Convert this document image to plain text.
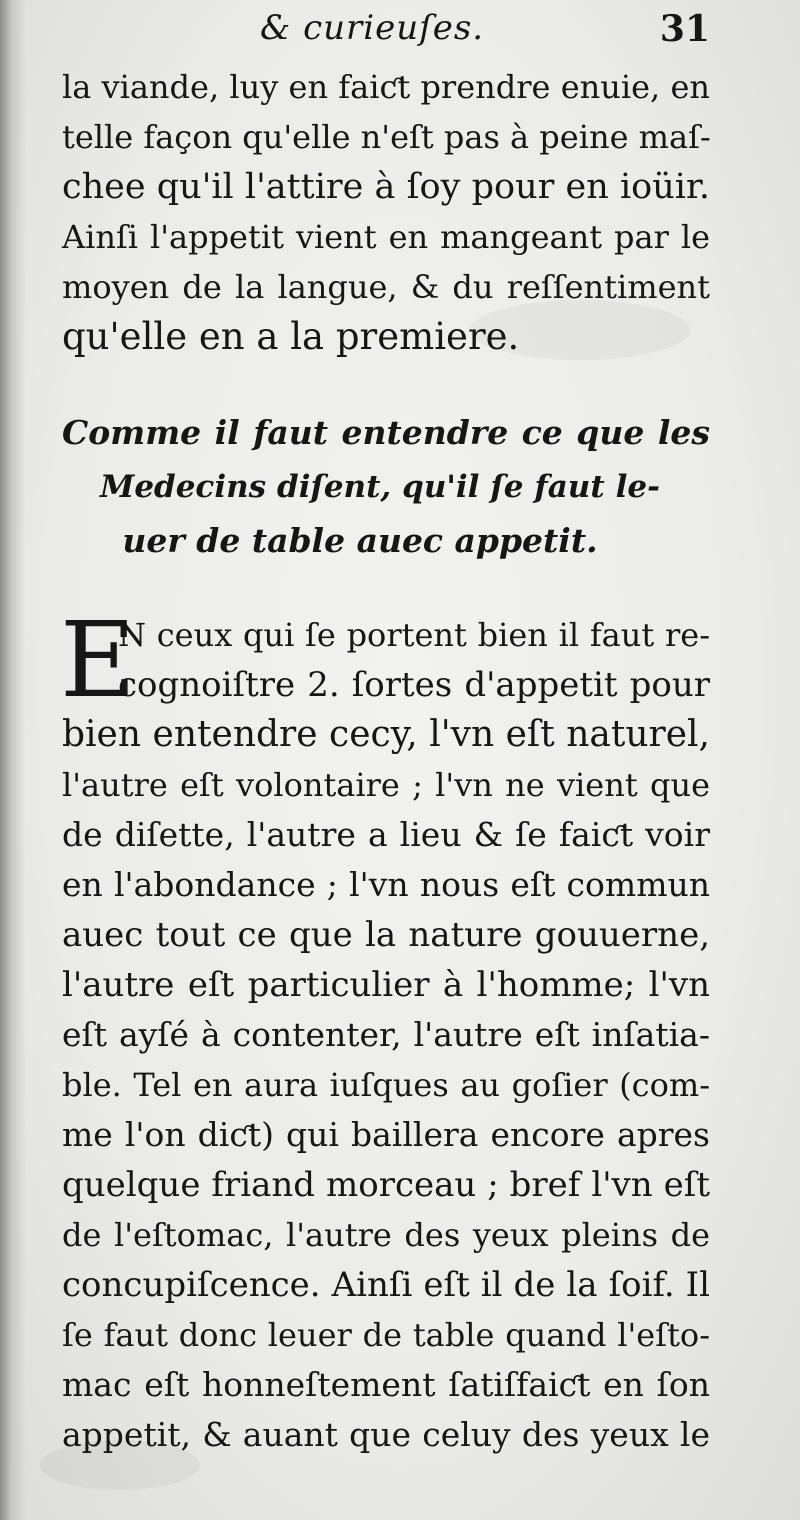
& curieuſes.	31
la viande, luy en faiƈt prendre enuie, en
telle façon qu'elle n'eſt pas à peine maſ-
chee qu'il l'attire à ſoy pour en ioüir.
Ainſi l'appetit vient en mangeant par le
moyen de la langue, & du reſſentiment
qu'elle en a la premiere.
Comme il faut entendre ce que les
Medecins diſent, qu'il ſe faut le-
uer de table auec appetit.
E
N ceux qui ſe portent bien il faut re-
cognoiſtre 2. ſortes d'appetit pour
bien entendre cecy, l'vn eſt naturel,
l'autre eſt volontaire ; l'vn ne vient que
de diſette, l'autre a lieu & ſe faiƈt voir
en l'abondance ; l'vn nous eſt commun
auec tout ce que la nature gouuerne,
l'autre eſt particulier à l'homme; l'vn
eſt ayſé à contenter, l'autre eſt inſatia-
ble. Tel en aura iuſques au goſier (com-
me l'on diƈt) qui baillera encore apres
quelque friand morceau ; bref l'vn eſt
de l'eſtomac, l'autre des yeux pleins de
concupiſcence. Ainſi eſt il de la ſoif. Il
ſe faut donc leuer de table quand l'eſto-
mac eſt honneſtement ſatiſfaiƈt en ſon
appetit, & auant que celuy des yeux le
